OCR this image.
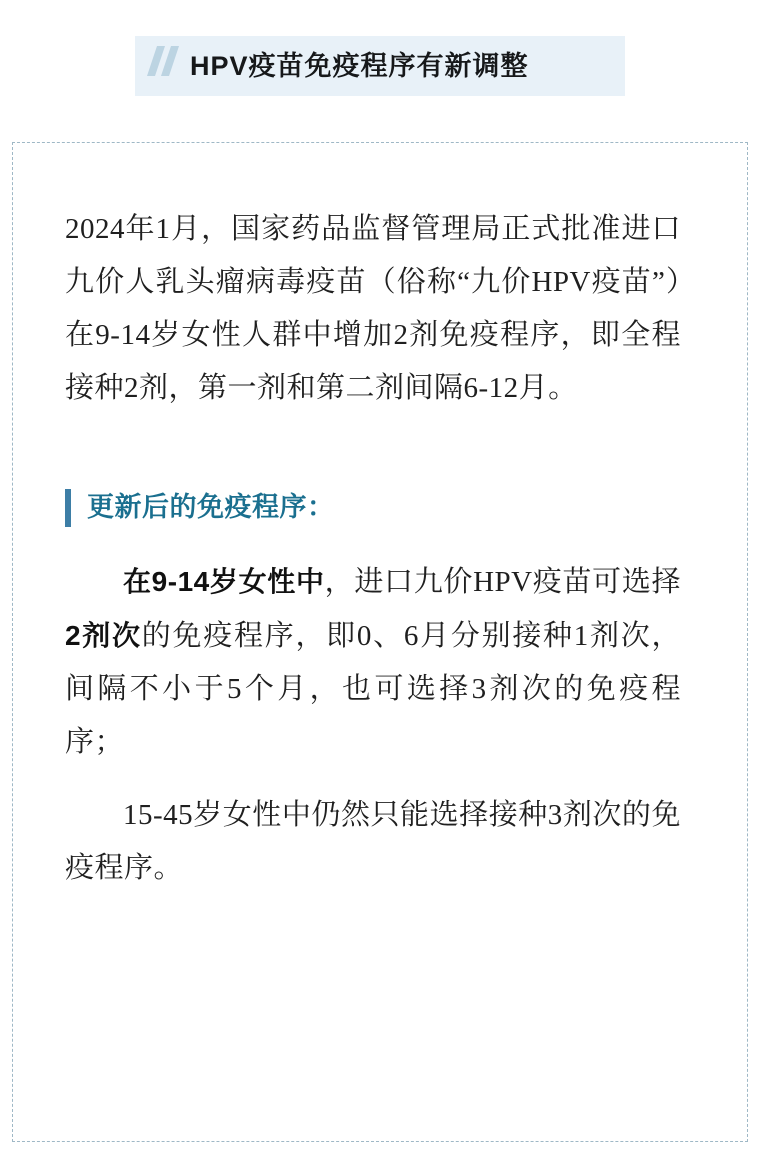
HPV疫苗免疫程序有新调整

2024年1月，国家药品监督管理局正式批准进口九价人乳头瘤病毒疫苗（俗称“九价HPV疫苗”）在9-14岁女性人群中增加2剂免疫程序，即全程接种2剂，第一剂和第二剂间隔6-12月。

更新后的免疫程序：

在9-14岁女性中，进口九价HPV疫苗可选择2剂次的免疫程序，即0、6月分别接种1剂次，间隔不小于5个月，也可选择3剂次的免疫程序；

15-45岁女性中仍然只能选择接种3剂次的免疫程序。
